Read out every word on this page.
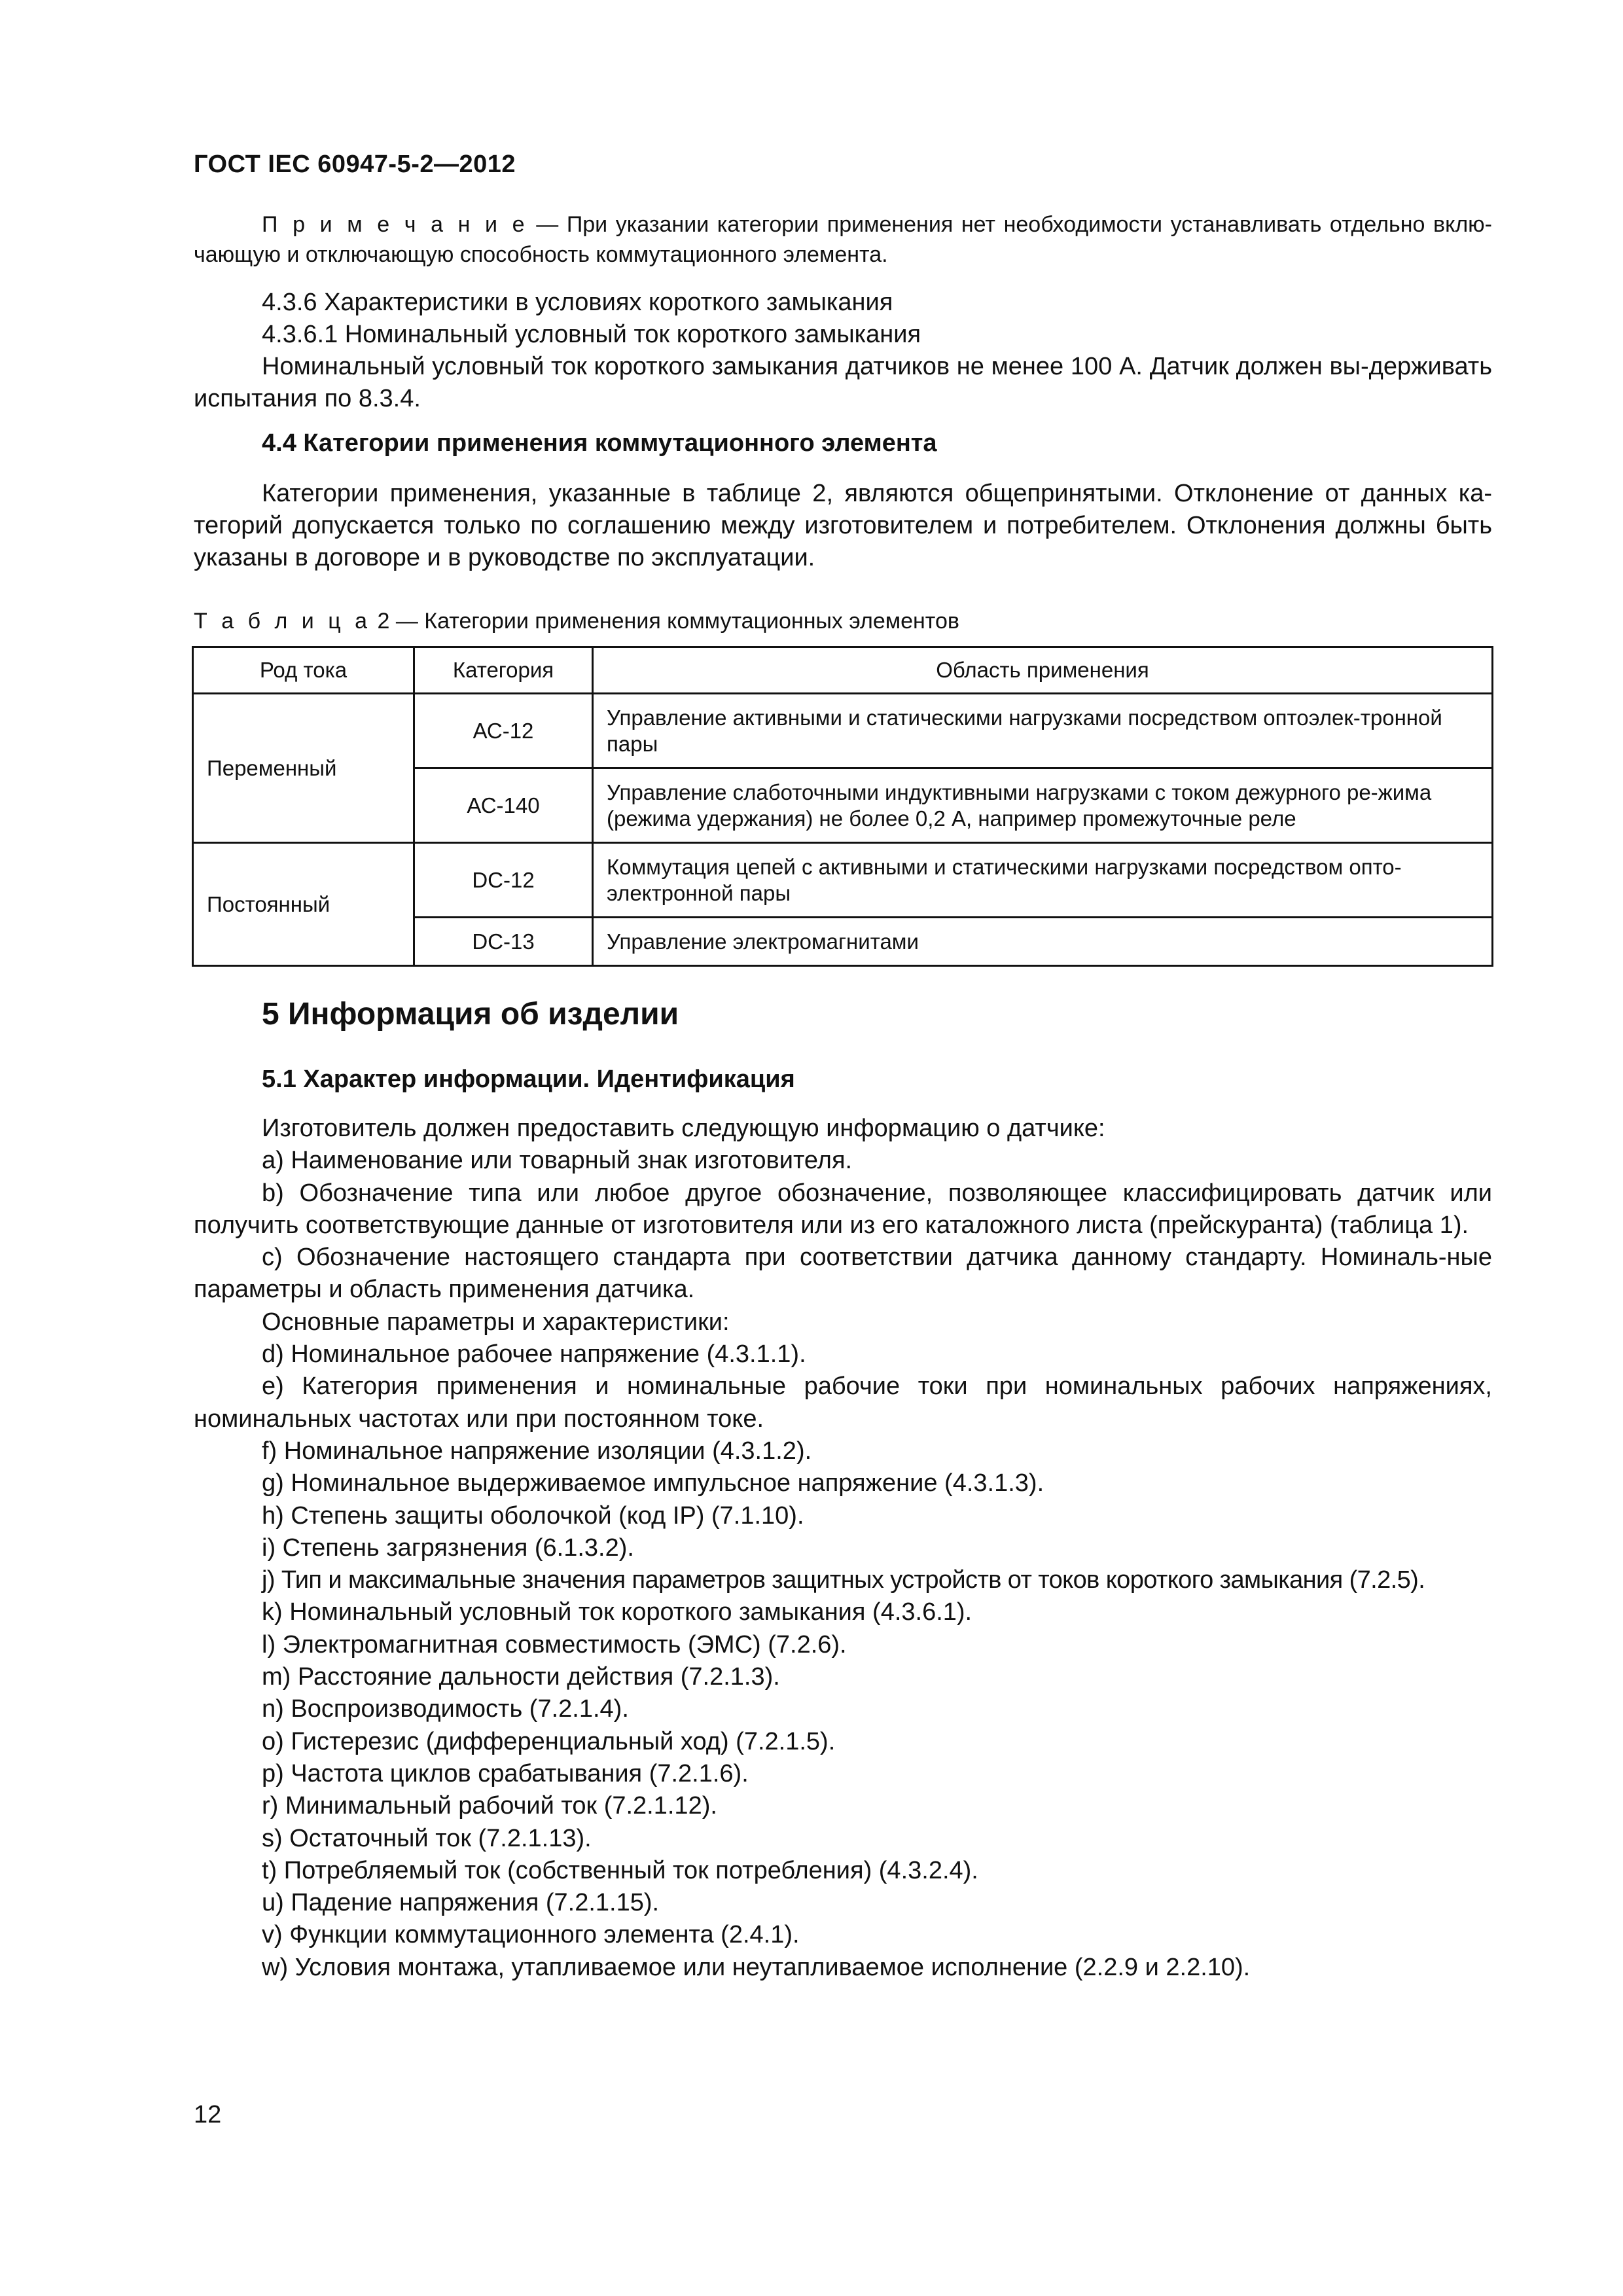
ГОСТ IEC 60947-5-2—2012
П р и м е ч а н и е — При указании категории применения нет необходимости устанавливать отдельно вклю-чающую и отключающую способность коммутационного элемента.
4.3.6 Характеристики в условиях короткого замыкания
4.3.6.1 Номинальный условный ток короткого замыкания
Номинальный условный ток короткого замыкания датчиков не менее 100 А. Датчик должен вы-держивать испытания по 8.3.4.
4.4 Категории применения коммутационного элемента
Категории применения, указанные в таблице 2, являются общепринятыми. Отклонение от данных ка-тегорий допускается только по соглашению между изготовителем и потребителем. Отклонения должны быть указаны в договоре и в руководстве по эксплуатации.
Т а б л и ц а 2 — Категории применения коммутационных элементов
Род тока	Категория	Область применения
Переменный	АС-12	Управление активными и статическими нагрузками посредством оптоэлек-тронной пары
	АС-140	Управление слаботочными индуктивными нагрузками с током дежурного ре-жима (режима удержания) не более 0,2 А, например промежуточные реле
Постоянный	DC-12	Коммутация цепей с активными и статическими нагрузками посредством опто-электронной пары
	DC-13	Управление электромагнитами
5 Информация об изделии
5.1 Характер информации. Идентификация

Изготовитель должен предоставить следующую информацию о датчике:

a) Наименование или товарный знак изготовителя.

b) Обозначение типа или любое другое обозначение, позволяющее классифицировать датчик или получить соответствующие данные от изготовителя или из его каталожного листа (прейскуранта) (таблица 1).

c) Обозначение настоящего стандарта при соответствии датчика данному стандарту. Номиналь-ные параметры и область применения датчика.

Основные параметры и характеристики:

d) Номинальное рабочее напряжение (4.3.1.1).

e) Категория применения и номинальные рабочие токи при номинальных рабочих напряжениях, номинальных частотах или при постоянном токе.

f) Номинальное напряжение изоляции (4.3.1.2).

g) Номинальное выдерживаемое импульсное напряжение (4.3.1.3).

h) Степень защиты оболочкой (код IP) (7.1.10).

i) Степень загрязнения (6.1.3.2).

j) Тип и максимальные значения параметров защитных устройств от токов короткого замыкания (7.2.5).

k) Номинальный условный ток короткого замыкания (4.3.6.1).

l) Электромагнитная совместимость (ЭМС) (7.2.6).

m) Расстояние дальности действия (7.2.1.3).

n) Воспроизводимость (7.2.1.4).

o) Гистерезис (дифференциальный ход) (7.2.1.5).

p) Частота циклов срабатывания (7.2.1.6).

r) Минимальный рабочий ток (7.2.1.12).

s) Остаточный ток (7.2.1.13).

t) Потребляемый ток (собственный ток потребления) (4.3.2.4).

u) Падение напряжения (7.2.1.15).

v) Функции коммутационного элемента (2.4.1).

w) Условия монтажа, утапливаемое или неутапливаемое исполнение (2.2.9 и 2.2.10).

12
